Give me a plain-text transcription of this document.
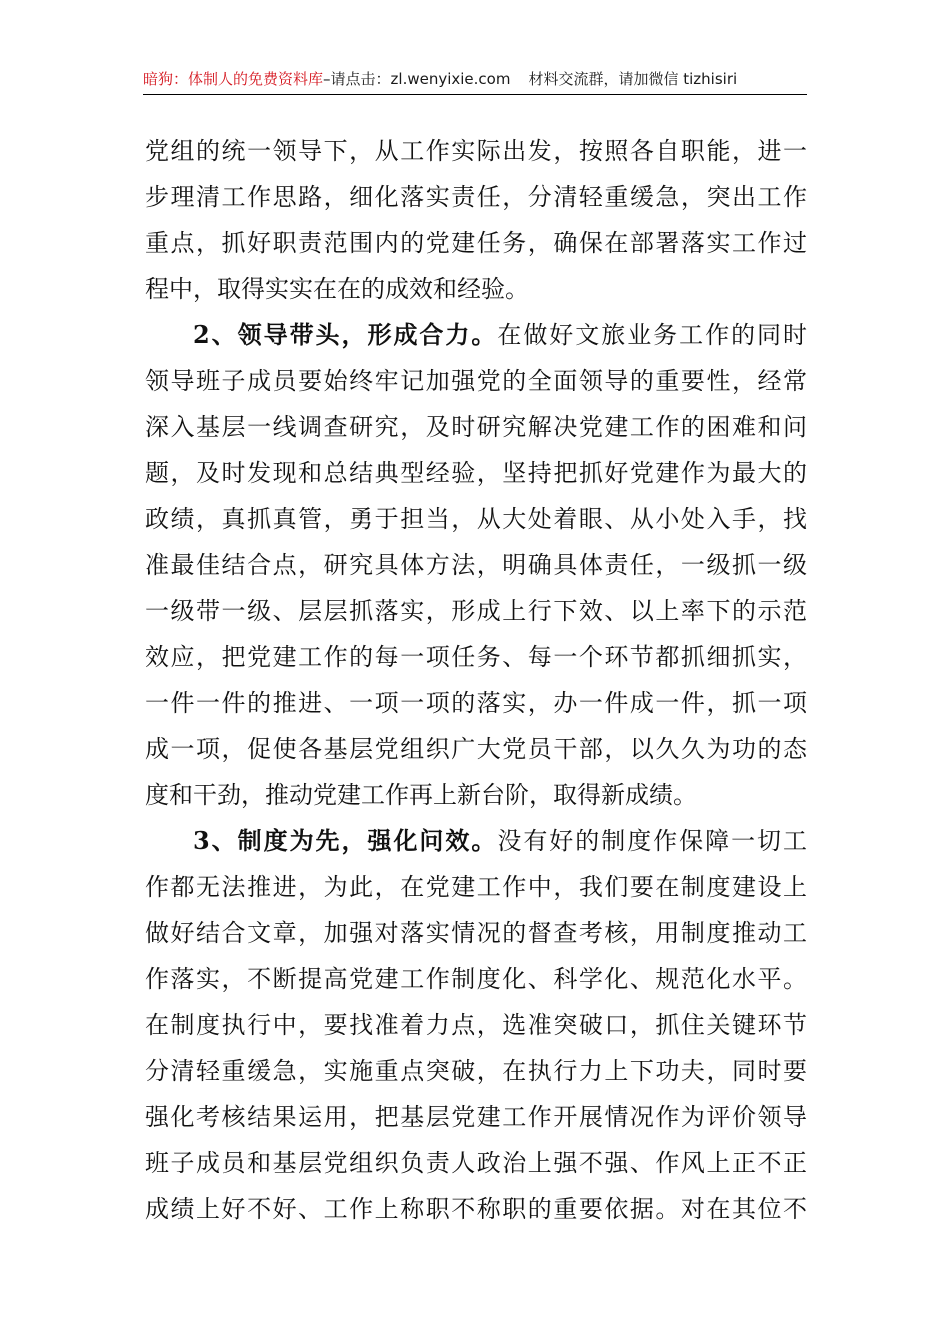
暗狗：体制人的免费资料库–请点击：zl.wenyixie.com 材料交流群，请加微信 tizhisiri
党组的统一领导下，从工作实际出发，按照各自职能，进一
步理清工作思路，细化落实责任，分清轻重缓急，突出工作
重点，抓好职责范围内的党建任务，确保在部署落实工作过
程中，取得实实在在的成效和经验。
2、领导带头，形成合力。在做好文旅业务工作的同时
领导班子成员要始终牢记加强党的全面领导的重要性，经常
深入基层一线调查研究，及时研究解决党建工作的困难和问
题，及时发现和总结典型经验，坚持把抓好党建作为最大的
政绩，真抓真管，勇于担当，从大处着眼、从小处入手，找
准最佳结合点，研究具体方法，明确具体责任，一级抓一级
一级带一级、层层抓落实，形成上行下效、以上率下的示范
效应，把党建工作的每一项任务、每一个环节都抓细抓实，
一件一件的推进、一项一项的落实，办一件成一件，抓一项
成一项，促使各基层党组织广大党员干部，以久久为功的态
度和干劲，推动党建工作再上新台阶，取得新成绩。
3、制度为先，强化问效。没有好的制度作保障一切工
作都无法推进，为此，在党建工作中，我们要在制度建设上
做好结合文章，加强对落实情况的督查考核，用制度推动工
作落实，不断提高党建工作制度化、科学化、规范化水平。
在制度执行中，要找准着力点，选准突破口，抓住关键环节
分清轻重缓急，实施重点突破，在执行力上下功夫，同时要
强化考核结果运用，把基层党建工作开展情况作为评价领导
班子成员和基层党组织负责人政治上强不强、作风上正不正
成绩上好不好、工作上称职不称职的重要依据。对在其位不
